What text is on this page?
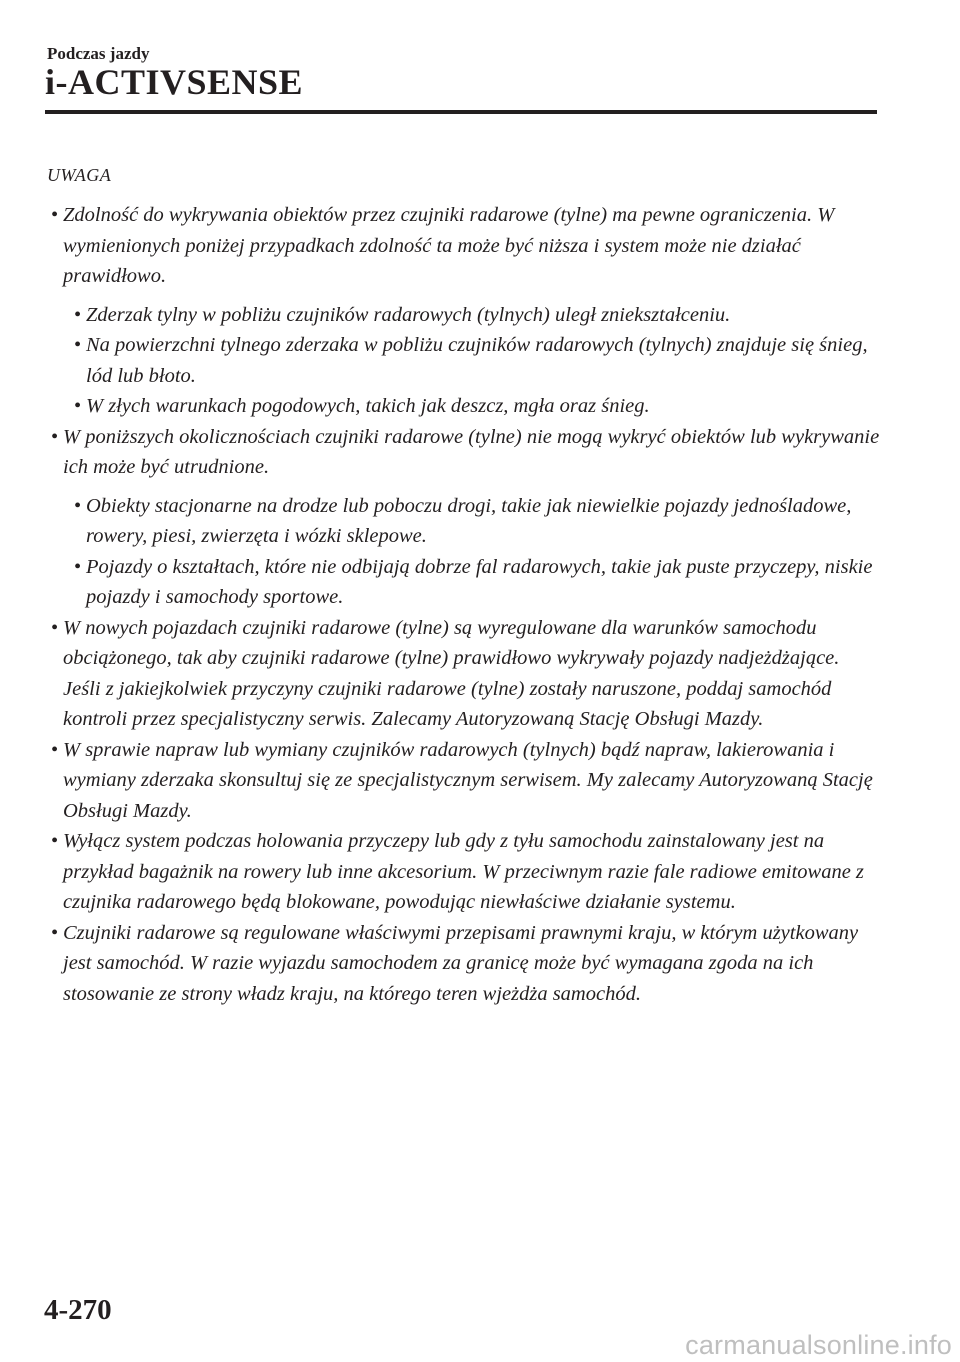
Podczas jazdy
i-ACTIVSENSE
UWAGA
• Zdolność do wykrywania obiektów przez czujniki radarowe (tylne) ma pewne ograniczenia. W wymienionych poniżej przypadkach zdolność ta może być niższa i system może nie działać prawidłowo.
• Zderzak tylny w pobliżu czujników radarowych (tylnych) uległ zniekształceniu.
• Na powierzchni tylnego zderzaka w pobliżu czujników radarowych (tylnych) znajduje się śnieg, lód lub błoto.
• W złych warunkach pogodowych, takich jak deszcz, mgła oraz śnieg.
• W poniższych okolicznościach czujniki radarowe (tylne) nie mogą wykryć obiektów lub wykrywanie ich może być utrudnione.
• Obiekty stacjonarne na drodze lub poboczu drogi, takie jak niewielkie pojazdy jednośladowe, rowery, piesi, zwierzęta i wózki sklepowe.
• Pojazdy o kształtach, które nie odbijają dobrze fal radarowych, takie jak puste przyczepy, niskie pojazdy i samochody sportowe.
• W nowych pojazdach czujniki radarowe (tylne) są wyregulowane dla warunków samochodu obciążonego, tak aby czujniki radarowe (tylne) prawidłowo wykrywały pojazdy nadjeżdżające. Jeśli z jakiejkolwiek przyczyny czujniki radarowe (tylne) zostały naruszone, poddaj samochód kontroli przez specjalistyczny serwis. Zalecamy Autoryzowaną Stację Obsługi Mazdy.
• W sprawie napraw lub wymiany czujników radarowych (tylnych) bądź napraw, lakierowania i wymiany zderzaka skonsultuj się ze specjalistycznym serwisem. My zalecamy Autoryzowaną Stację Obsługi Mazdy.
• Wyłącz system podczas holowania przyczepy lub gdy z tyłu samochodu zainstalowany jest na przykład bagażnik na rowery lub inne akcesorium. W przeciwnym razie fale radiowe emitowane z czujnika radarowego będą blokowane, powodując niewłaściwe działanie systemu.
• Czujniki radarowe są regulowane właściwymi przepisami prawnymi kraju, w którym użytkowany jest samochód. W razie wyjazdu samochodem za granicę może być wymagana zgoda na ich stosowanie ze strony władz kraju, na którego teren wjeżdża samochód.
4-270
carmanualsonline.info
